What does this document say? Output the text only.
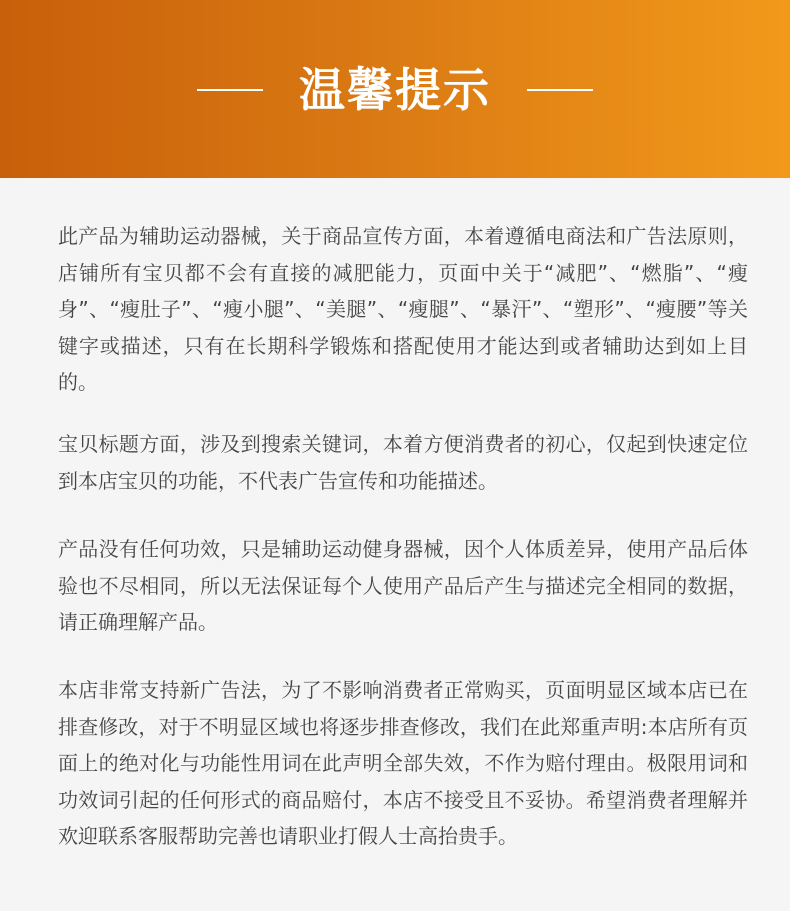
温馨提示

此产品为辅助运动器械，关于商品宣传方面，本着遵循电商法和广告法原则，店铺所有宝贝都不会有直接的减肥能力，页面中关于“减肥”、“燃脂”、“瘦身”、“瘦肚子”、“瘦小腿”、“美腿”、“瘦腿”、“暴汗”、“塑形”、“瘦腰”等关键字或描述，只有在长期科学锻炼和搭配使用才能达到或者辅助达到如上目的。

宝贝标题方面，涉及到搜索关键词，本着方便消费者的初心，仅起到快速定位到本店宝贝的功能，不代表广告宣传和功能描述。

产品没有任何功效，只是辅助运动健身器械，因个人体质差异，使用产品后体验也不尽相同，所以无法保证每个人使用产品后产生与描述完全相同的数据，请正确理解产品。

本店非常支持新广告法，为了不影响消费者正常购买，页面明显区域本店已在排查修改，对于不明显区域也将逐步排查修改，我们在此郑重声明:本店所有页面上的绝对化与功能性用词在此声明全部失效，不作为赔付理由。极限用词和功效词引起的任何形式的商品赔付，本店不接受且不妥协。希望消费者理解并欢迎联系客服帮助完善也请职业打假人士高抬贵手。
